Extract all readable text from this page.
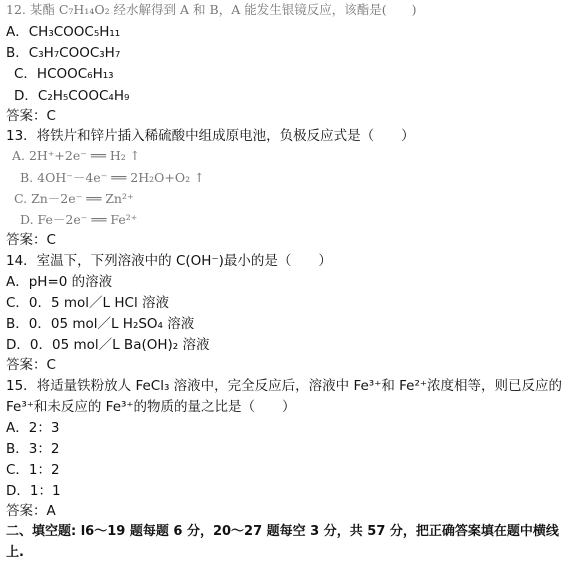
12. 某酯 C₇H₁₄O₂ 经水解得到 A 和 B，A 能发生银镜反应，该酯是(　　)
A．CH₃COOC₅H₁₁
B．C₃H₇COOC₃H₇
C．HCOOC₆H₁₃
D．C₂H₅COOC₄H₉
答案：C
13．将铁片和锌片插入稀硫酸中组成原电池，负极反应式是（　　）
A. 2H⁺+2e⁻ ══ H₂ ↑
B. 4OH⁻－4e⁻ ══ 2H₂O+O₂ ↑
C. Zn－2e⁻ ══ Zn²⁺
D. Fe－2e⁻ ══ Fe²⁺
答案：C
14．室温下，下列溶液中的 C(OH⁻)最小的是（　　）
A．pH=0 的溶液
C．0．5 mol／L HCl 溶液
B．0．05 mol／L H₂SO₄ 溶液
D．0．05 mol／L Ba(OH)₂ 溶液
答案：C
15．将适量铁粉放人 FeCl₃ 溶液中，完全反应后，溶液中 Fe³⁺和 Fe²⁺浓度相等，则已反应的
Fe³⁺和未反应的 Fe³⁺的物质的量之比是（　　）
A．2：3
B．3：2
C．1：2
D．1：1
答案：A
二、填空题: l6～19 题每题 6 分，20～27 题每空 3 分，共 57 分，把正确答案填在题中横线
上.
